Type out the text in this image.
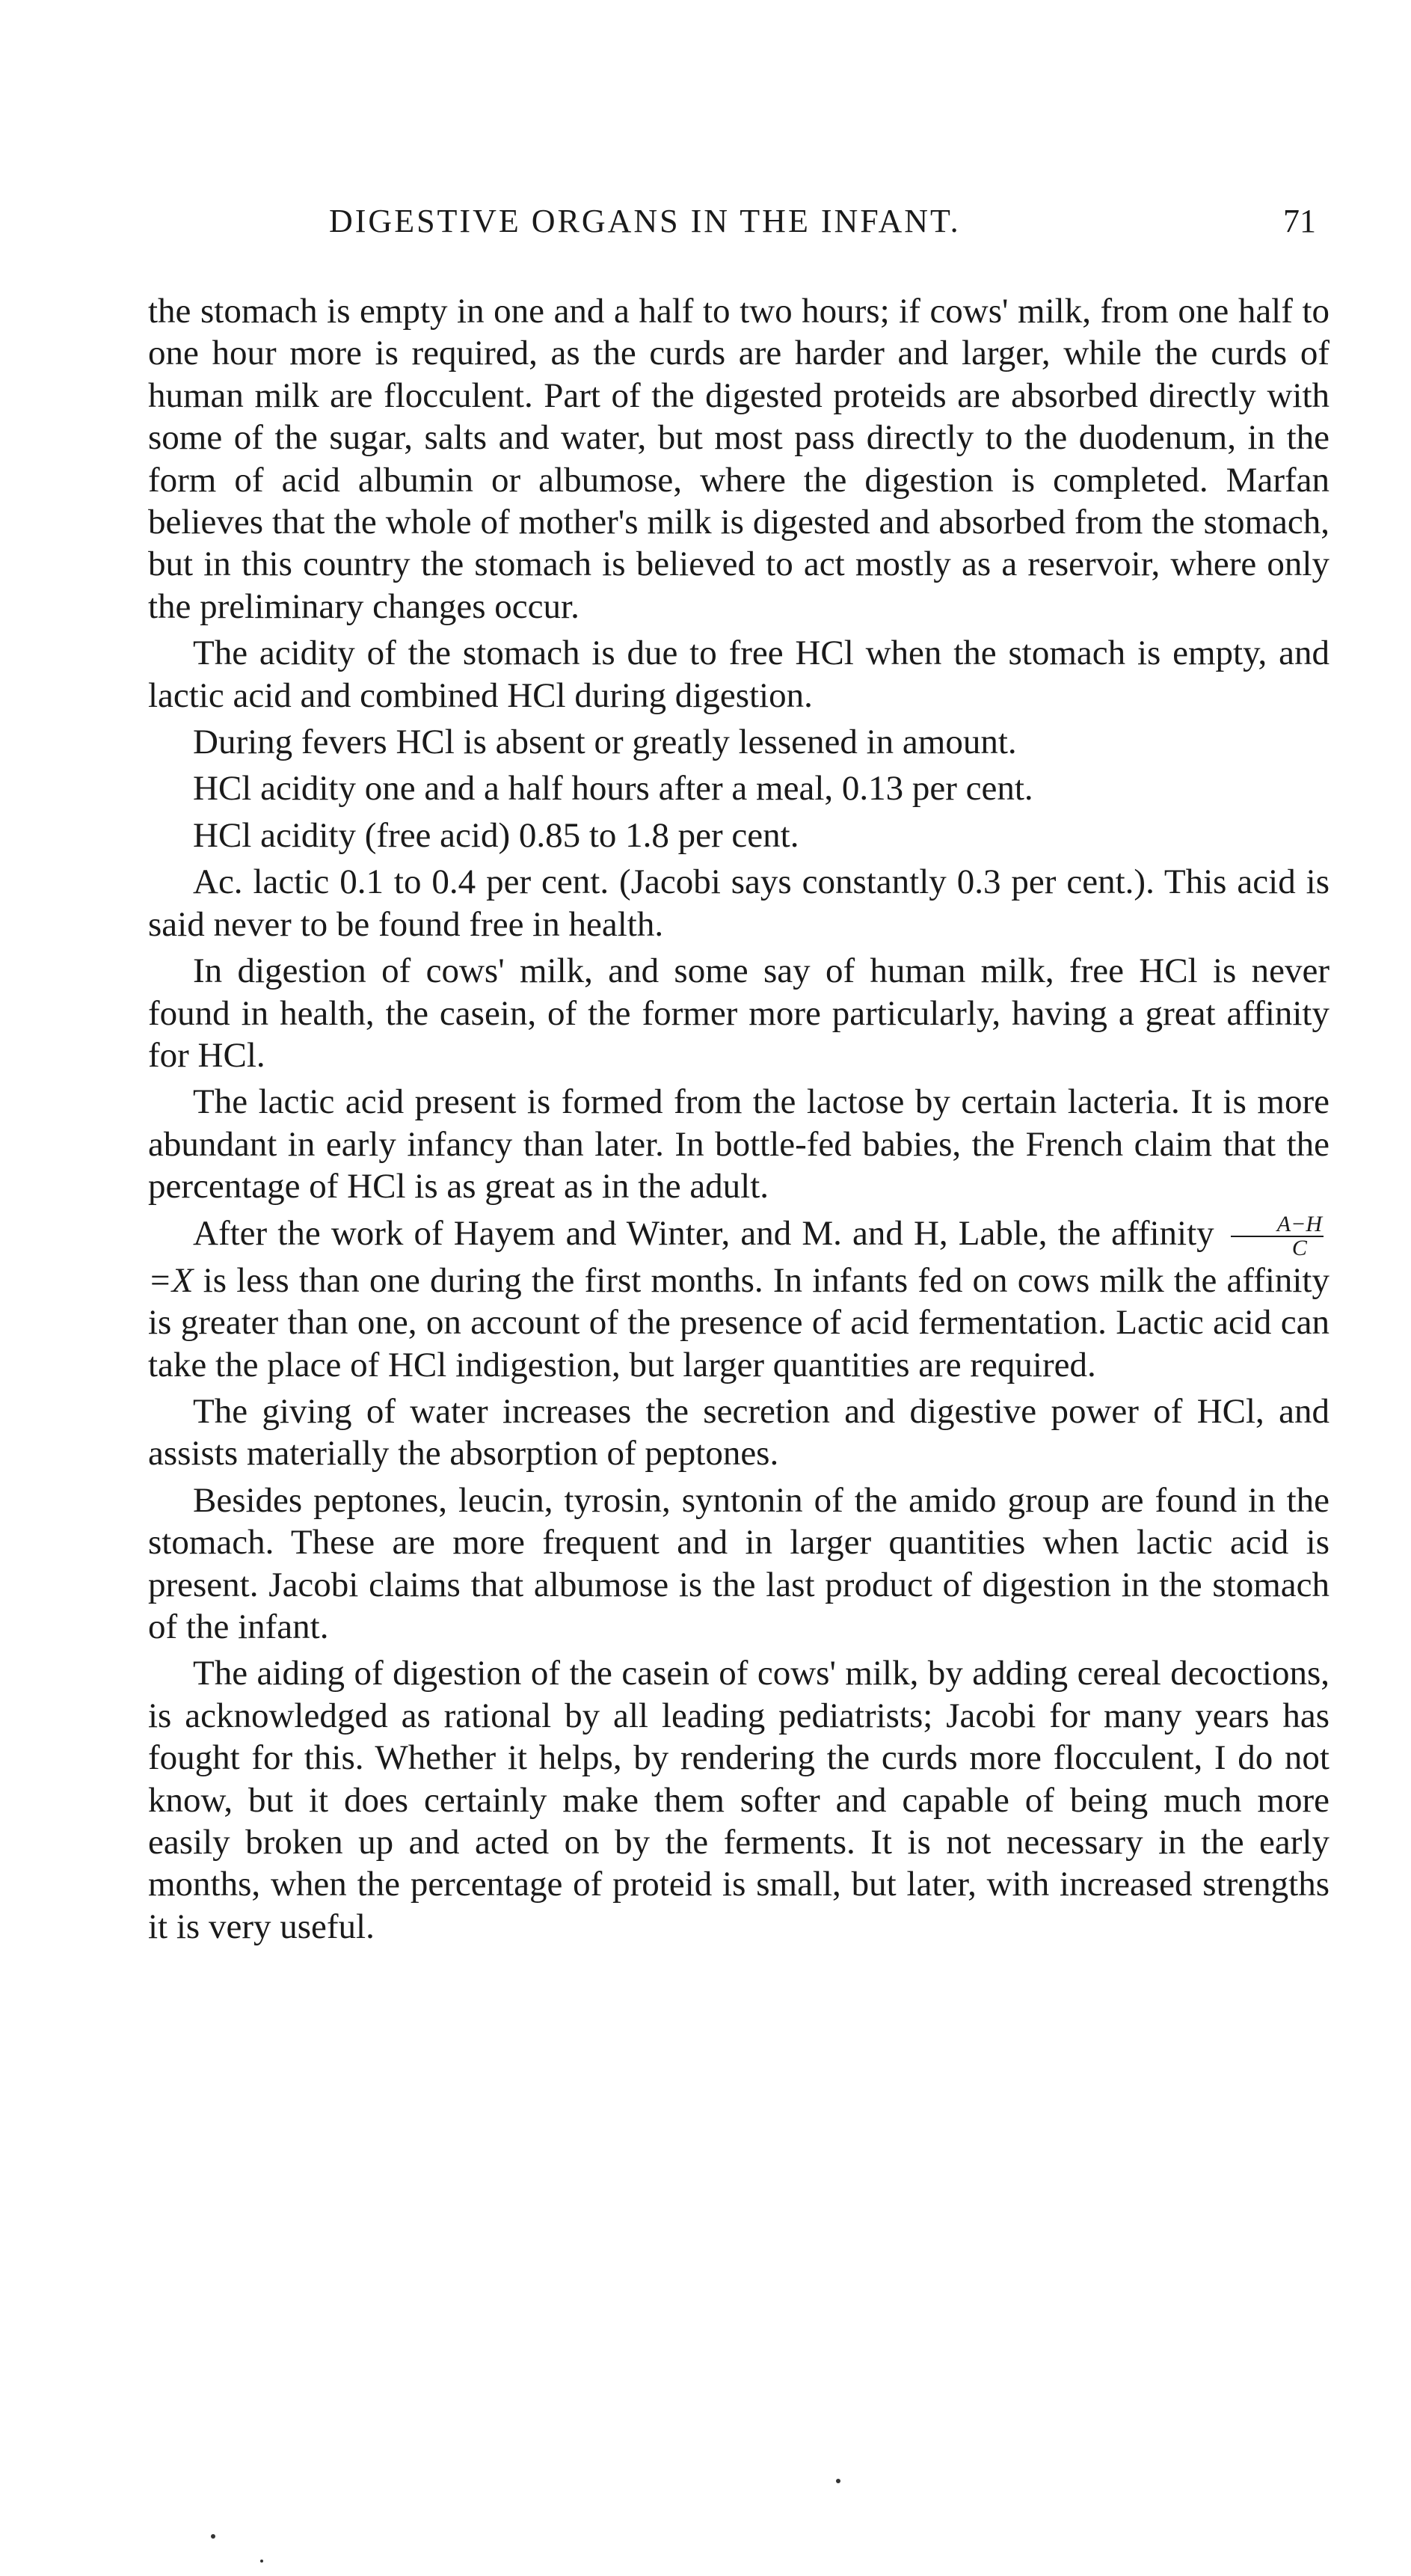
DIGESTIVE ORGANS IN THE INFANT.	71

the stomach is empty in one and a half to two hours; if cows' milk, from one half to one hour more is required, as the curds are harder and larger, while the curds of human milk are flocculent. Part of the digested proteids are absorbed directly with some of the sugar, salts and water, but most pass directly to the duodenum, in the form of acid albumin or albumose, where the digestion is completed. Marfan believes that the whole of mother's milk is digested and absorbed from the stomach, but in this country the stomach is believed to act mostly as a reservoir, where only the preliminary changes occur.

The acidity of the stomach is due to free HCl when the stomach is empty, and lactic acid and combined HCl during digestion.

During fevers HCl is absent or greatly lessened in amount.

HCl acidity one and a half hours after a meal, 0.13 per cent.

HCl acidity (free acid) 0.85 to 1.8 per cent.

Ac. lactic 0.1 to 0.4 per cent. (Jacobi says constantly 0.3 per cent.). This acid is said never to be found free in health.

In digestion of cows' milk, and some say of human milk, free HCl is never found in health, the casein, of the former more particularly, having a great affinity for HCl.

The lactic acid present is formed from the lactose by certain lacteria. It is more abundant in early infancy than later. In bottle-fed babies, the French claim that the percentage of HCl is as great as in the adult.

After the work of Hayem and Winter, and M. and H, Lable, the affinity $\frac{A-H}{C}$
=X is less than one during the first months. In infants fed on cows milk the affinity is greater than one, on account of the presence of acid fermentation. Lactic acid can take the place of HCl indigestion, but larger quantities are required.

The giving of water increases the secretion and digestive power of HCl, and assists materially the absorption of peptones.

Besides peptones, leucin, tyrosin, syntonin of the amido group are found in the stomach. These are more frequent and in larger quantities when lactic acid is present. Jacobi claims that albumose is the last product of digestion in the stomach of the infant.

The aiding of digestion of the casein of cows' milk, by adding cereal decoctions, is acknowledged as rational by all leading pediatrists; Jacobi for many years has fought for this. Whether it helps, by rendering the curds more flocculent, I do not know, but it does certainly make them softer and capable of being much more easily broken up and acted on by the ferments. It is not necessary in the early months, when the percentage of proteid is small, but later, with increased strengths it is very useful.
